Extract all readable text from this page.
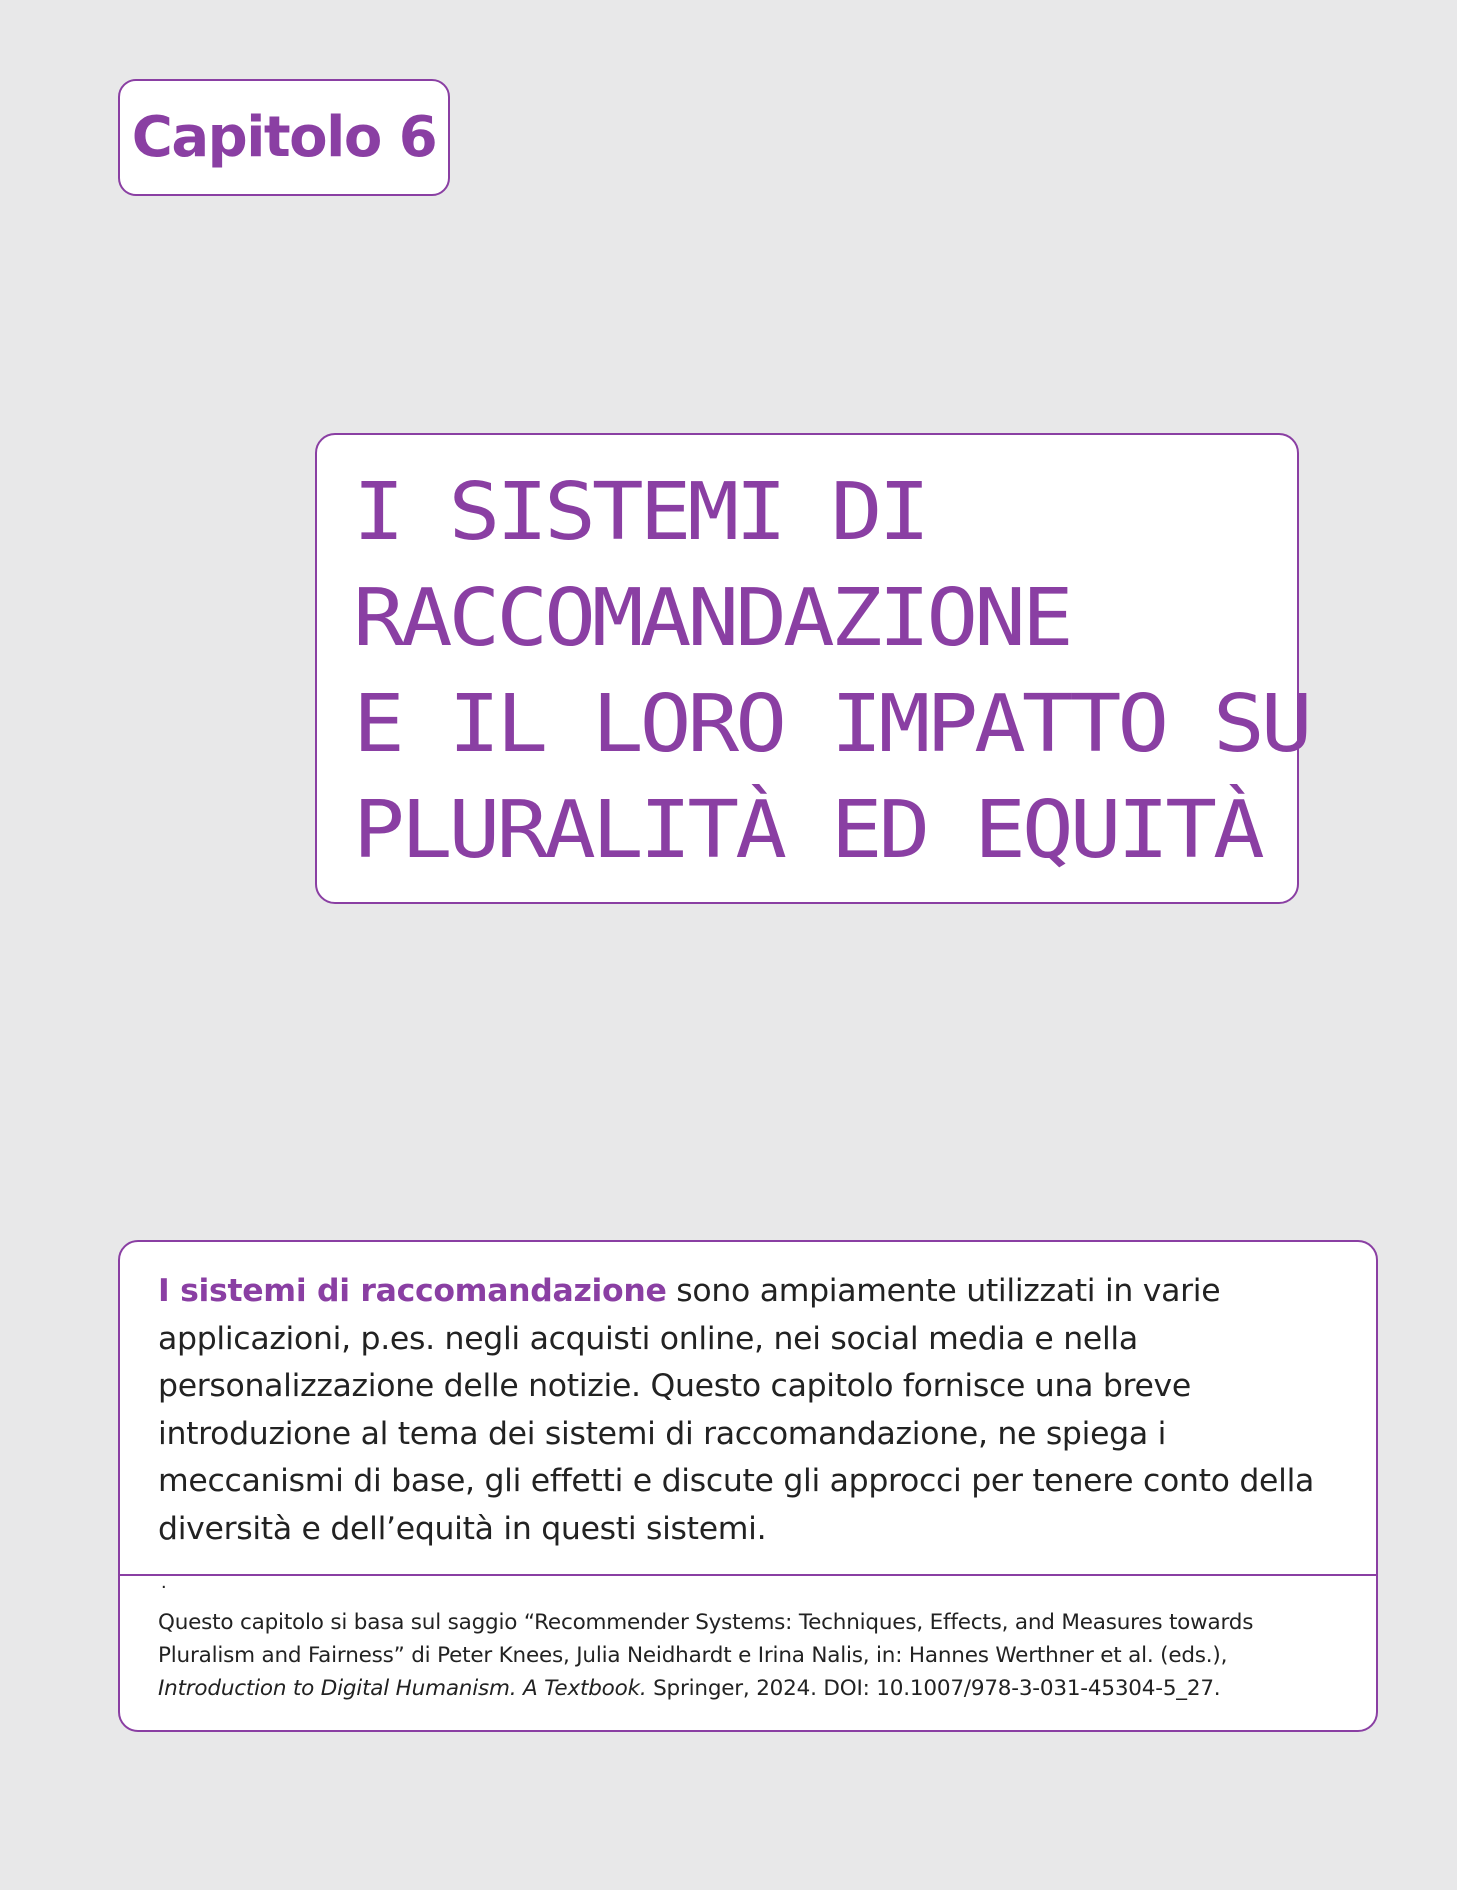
Capitolo 6
I SISTEMI DI
RACCOMANDAZIONE
E IL LORO IMPATTO SU
PLURALITÀ ED EQUITÀ

I sistemi di raccomandazione sono ampiamente utilizzati in varie applicazioni, p.es. negli acquisti online, nei social media e nella personalizzazione delle notizie. Questo capitolo fornisce una breve introduzione al tema dei sistemi di raccomandazione, ne spiega i meccanismi di base, gli effetti e discute gli approcci per tenere conto della diversità e dell’equità in questi sistemi.

.

Questo capitolo si basa sul saggio “Recommender Systems: Techniques, Effects, and Measures towards Pluralism and Fairness” di Peter Knees, Julia Neidhardt e Irina Nalis, in: Hannes Werthner et al. (eds.), Introduction to Digital Humanism. A Textbook. Springer, 2024. DOI: 10.1007/978-3-031-45304-5_27.
